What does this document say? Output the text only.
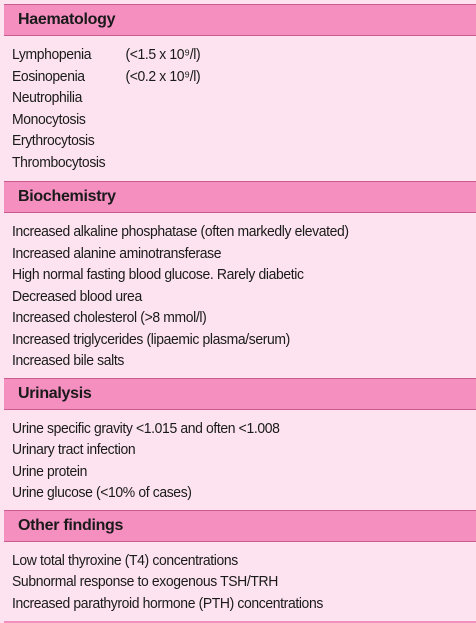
Haematology
Lymphopenia (<1.5 x 10⁹/l)
Eosinopenia	(<0.2 x 10⁹/l)
Neutrophilia
Monocytosis
Erythrocytosis
Thrombocytosis
Biochemistry
Increased alkaline phosphatase (often markedly elevated)
Increased alanine aminotransferase
High normal fasting blood glucose. Rarely diabetic
Decreased blood urea
Increased cholesterol (>8 mmol/l)
Increased triglycerides (lipaemic plasma/serum)
Increased bile salts
Urinalysis
Urine specific gravity <1.015 and often <1.008
Urinary tract infection
Urine protein
Urine glucose (<10% of cases)
Other findings
Low total thyroxine (T4) concentrations
Subnormal response to exogenous TSH/TRH
Increased parathyroid hormone (PTH) concentrations
